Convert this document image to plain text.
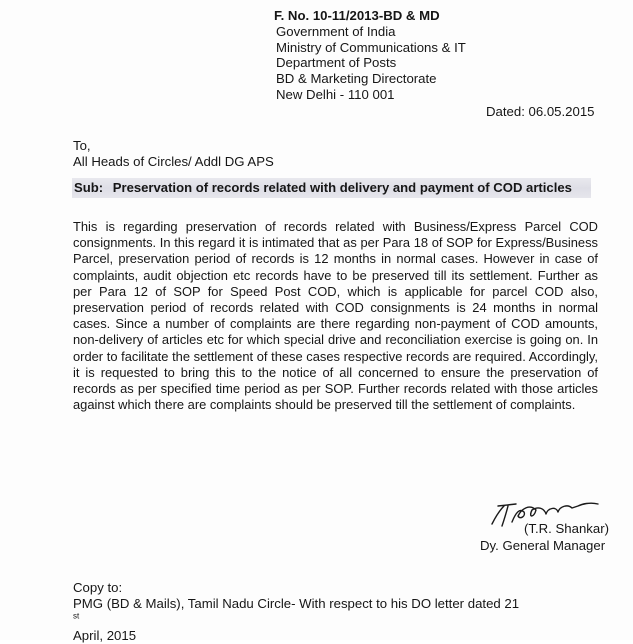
F. No. 10-11/2013-BD & MD
Government of India
Ministry of Communications & IT
Department of Posts
BD & Marketing Directorate
New Delhi - 110 001
Dated: 06.05.2015
To,
All Heads of Circles/ Addl DG APS
Sub: Preservation of records related with delivery and payment of COD articles
This is regarding preservation of records related with Business/Express Parcel COD consignments. In this regard it is intimated that as per Para 18 of SOP for Express/Business Parcel, preservation period of records is 12 months in normal cases. However in case of complaints, audit objection etc records have to be preserved till its settlement. Further as per Para 12 of SOP for Speed Post COD, which is applicable for parcel COD also, preservation period of records related with COD consignments is 24 months in normal cases. Since a number of complaints are there regarding non-payment of COD amounts, non-delivery of articles etc for which special drive and reconciliation exercise is going on. In order to facilitate the settlement of these cases respective records are required. Accordingly, it is requested to bring this to the notice of all concerned to ensure the preservation of records as per specified time period as per SOP. Further records related with those articles against which there are complaints should be preserved till the settlement of complaints.
(T.R. Shankar)
Dy. General Manager
Copy to:
PMG (BD & Mails), Tamil Nadu Circle- With respect to his DO letter dated 21
$^{st}$
April, 2015
